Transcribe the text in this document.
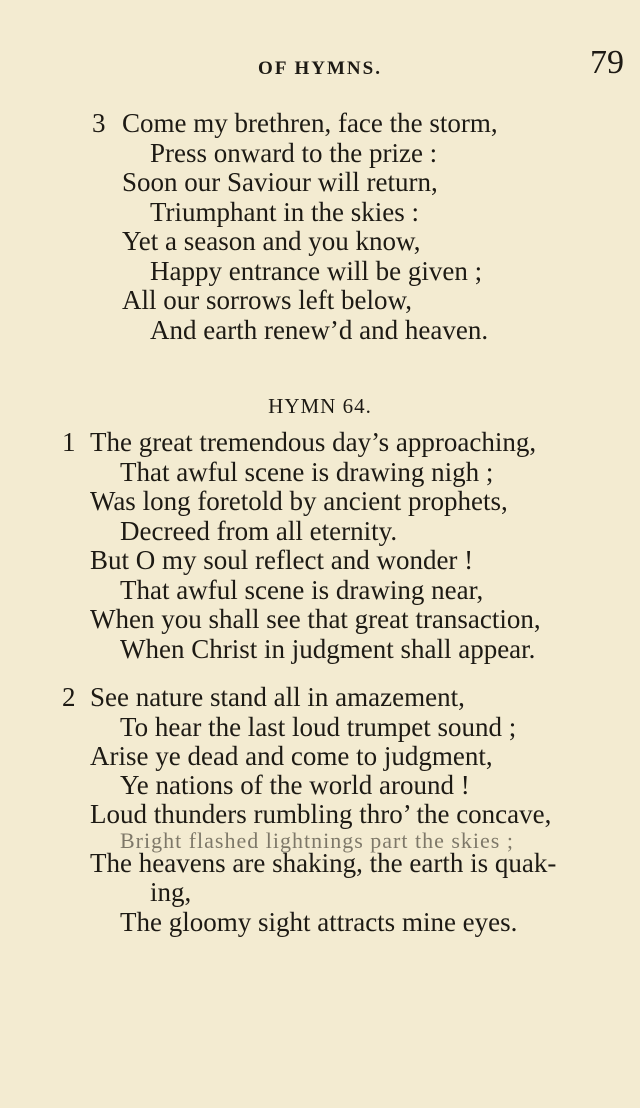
OF HYMNS.	79
3 Come my brethren, face the storm,
Press onward to the prize :
Soon our Saviour will return,
Triumphant in the skies :
Yet a season and you know,
Happy entrance will be given ;
All our sorrows left below,
And earth renew’d and heaven.
HYMN 64.
1 The great tremendous day’s approaching,
That awful scene is drawing nigh ;
Was long foretold by ancient prophets,
Decreed from all eternity.
But O my soul reflect and wonder !
That awful scene is drawing near,
When you shall see that great transaction,
When Christ in judgment shall appear.
2 See nature stand all in amazement,
To hear the last loud trumpet sound ;
Arise ye dead and come to judgment,
Ye nations of the world around !
Loud thunders rumbling thro’ the concave,
Bright flashed lightnings part the skies ;
The heavens are shaking, the earth is quak-
ing,
The gloomy sight attracts mine eyes.
